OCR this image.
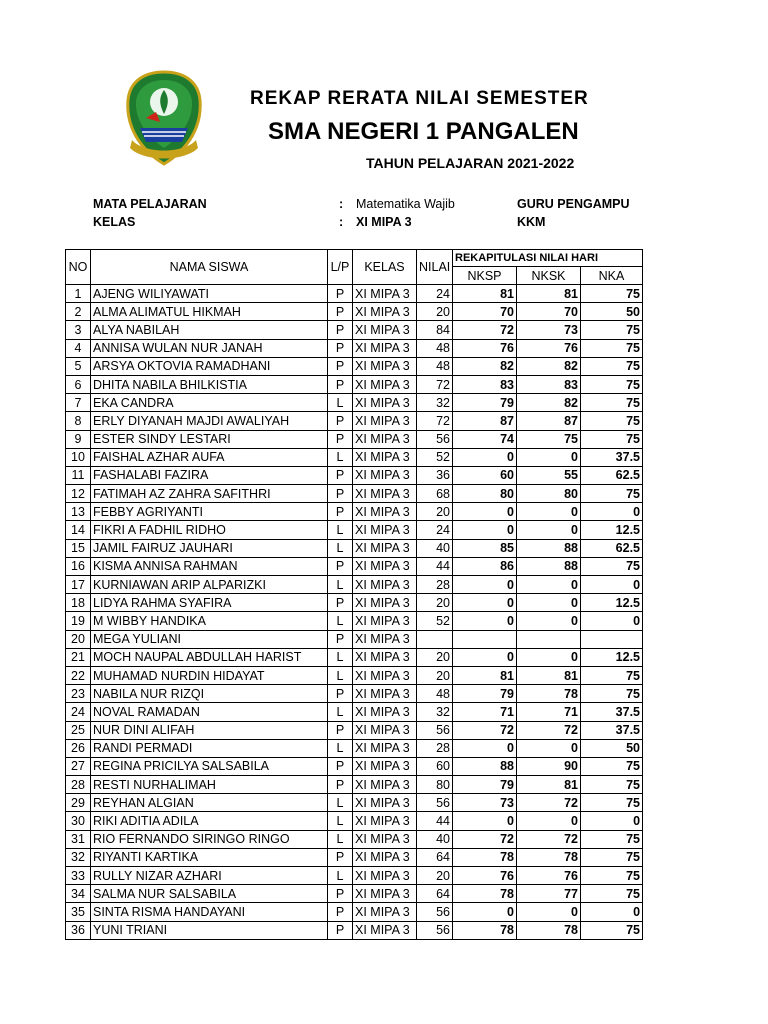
REKAP RERATA NILAI SEMESTER
SMA NEGERI 1 PANGALEN
TAHUN PELAJARAN 2021-2022
MATA PELAJARAN	: Matematika Wajib	GURU PENGAMPU
KELAS	: XI MIPA 3	KKM
NO	NAMA SISWA	L/P	KELAS	NILAI	REKAPITULASI NILAI HARI		
					NKSP	NKSK	NKA
1	AJENG WILIYAWATI	P	XI MIPA 3	24	81	81	75
2	ALMA ALIMATUL HIKMAH	P	XI MIPA 3	20	70	70	50
3	ALYA NABILAH	P	XI MIPA 3	84	72	73	75
4	ANNISA WULAN NUR JANAH	P	XI MIPA 3	48	76	76	75
5	ARSYA OKTOVIA RAMADHANI	P	XI MIPA 3	48	82	82	75
6	DHITA NABILA BHILKISTIA	P	XI MIPA 3	72	83	83	75
7	EKA CANDRA	L	XI MIPA 3	32	79	82	75
8	ERLY DIYANAH MAJDI AWALIYAH	P	XI MIPA 3	72	87	87	75
9	ESTER SINDY LESTARI	P	XI MIPA 3	56	74	75	75
10	FAISHAL AZHAR AUFA	L	XI MIPA 3	52	0	0	37.5
11	FASHALABI FAZIRA	P	XI MIPA 3	36	60	55	62.5
12	FATIMAH AZ ZAHRA SAFITHRI	P	XI MIPA 3	68	80	80	75
13	FEBBY AGRIYANTI	P	XI MIPA 3	20	0	0	0
14	FIKRI A FADHIL RIDHO	L	XI MIPA 3	24	0	0	12.5
15	JAMIL FAIRUZ JAUHARI	L	XI MIPA 3	40	85	88	62.5
16	KISMA ANNISA RAHMAN	P	XI MIPA 3	44	86	88	75
17	KURNIAWAN ARIP ALPARIZKI	L	XI MIPA 3	28	0	0	0
18	LIDYA RAHMA SYAFIRA	P	XI MIPA 3	20	0	0	12.5
19	M WIBBY HANDIKA	L	XI MIPA 3	52	0	0	0
20	MEGA YULIANI	P	XI MIPA 3				
21	MOCH NAUPAL ABDULLAH HARIST	L	XI MIPA 3	20	0	0	12.5
22	MUHAMAD NURDIN HIDAYAT	L	XI MIPA 3	20	81	81	75
23	NABILA NUR RIZQI	P	XI MIPA 3	48	79	78	75
24	NOVAL RAMADAN	L	XI MIPA 3	32	71	71	37.5
25	NUR DINI ALIFAH	P	XI MIPA 3	56	72	72	37.5
26	RANDI PERMADI	L	XI MIPA 3	28	0	0	50
27	REGINA PRICILYA SALSABILA	P	XI MIPA 3	60	88	90	75
28	RESTI NURHALIMAH	P	XI MIPA 3	80	79	81	75
29	REYHAN ALGIAN	L	XI MIPA 3	56	73	72	75
30	RIKI ADITIA ADILA	L	XI MIPA 3	44	0	0	0
31	RIO FERNANDO SIRINGO RINGO	L	XI MIPA 3	40	72	72	75
32	RIYANTI KARTIKA	P	XI MIPA 3	64	78	78	75
33	RULLY NIZAR AZHARI	L	XI MIPA 3	20	76	76	75
34	SALMA NUR SALSABILA	P	XI MIPA 3	64	78	77	75
35	SINTA RISMA HANDAYANI	P	XI MIPA 3	56	0	0	0
36	YUNI TRIANI	P	XI MIPA 3	56	78	78	75
